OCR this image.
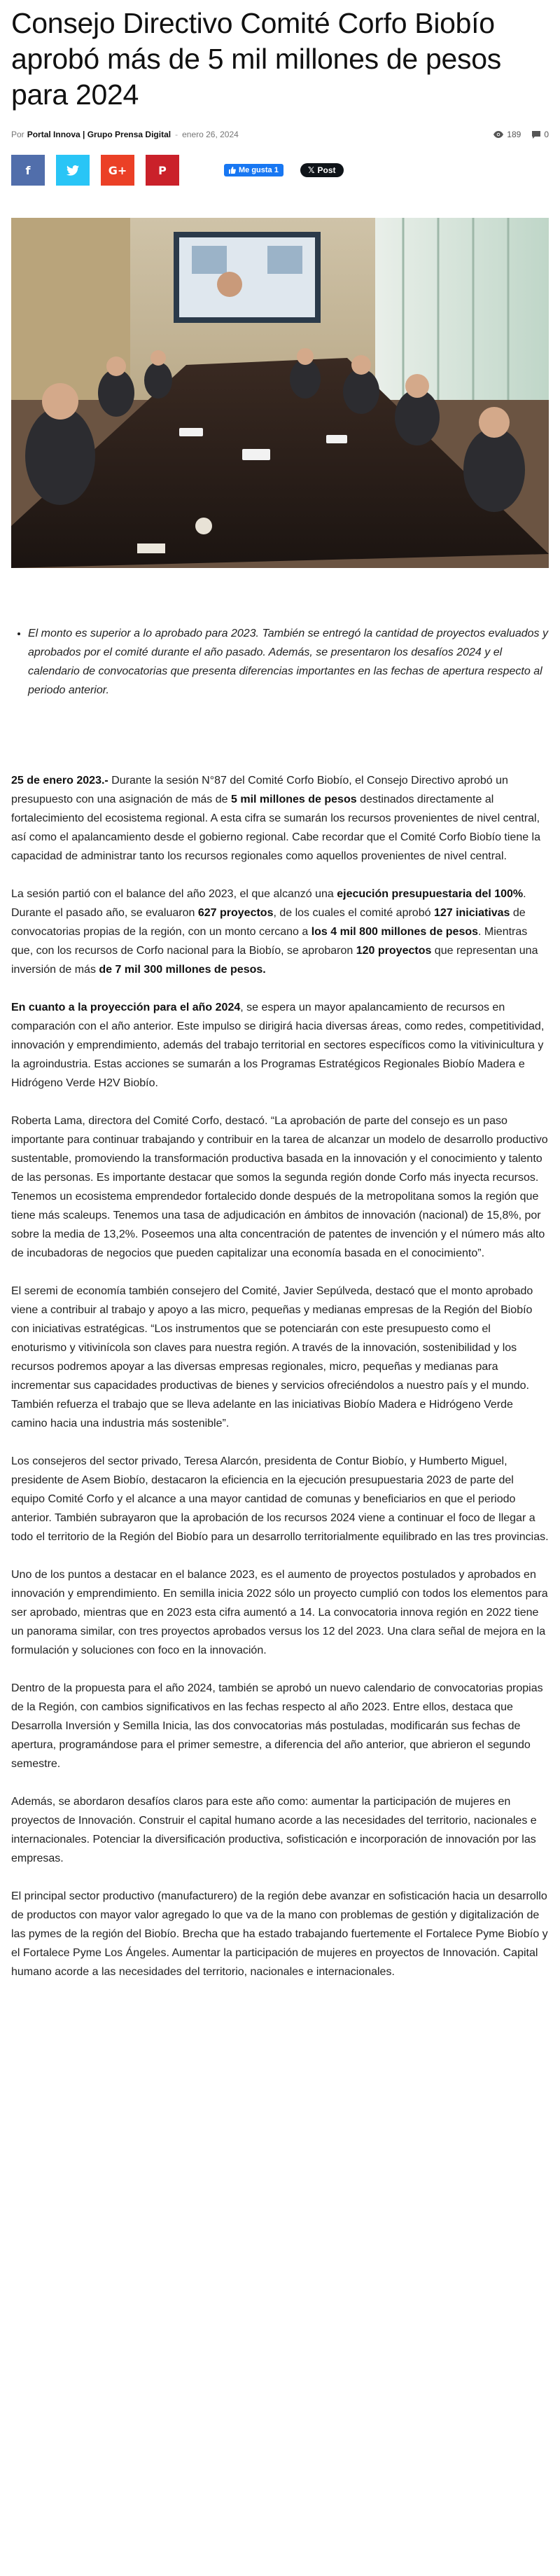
Consejo Directivo Comité Corfo Biobío aprobó más de 5 mil millones de pesos para 2024
Por Portal Innova | Grupo Prensa Digital - enero 26, 2024	189	0
f	G+	P	Me gusta 1	𝕏 Post
• El monto es superior a lo aprobado para 2023. También se entregó la cantidad de proyectos evaluados y aprobados por el comité durante el año pasado. Además, se presentaron los desafíos 2024 y el calendario de convocatorias que presenta diferencias importantes en las fechas de apertura respecto al periodo anterior.

25 de enero 2023.- Durante la sesión N°87 del Comité Corfo Biobío, el Consejo Directivo aprobó un presupuesto con una asignación de más de 5 mil millones de pesos destinados directamente al fortalecimiento del ecosistema regional. A esta cifra se sumarán los recursos provenientes de nivel central, así como el apalancamiento desde el gobierno regional. Cabe recordar que el Comité Corfo Biobío tiene la capacidad de administrar tanto los recursos regionales como aquellos provenientes de nivel central.

La sesión partió con el balance del año 2023, el que alcanzó una ejecución presupuestaria del 100%. Durante el pasado año, se evaluaron 627 proyectos, de los cuales el comité aprobó 127 iniciativas de convocatorias propias de la región, con un monto cercano a los 4 mil 800 millones de pesos. Mientras que, con los recursos de Corfo nacional para la Biobío, se aprobaron 120 proyectos que representan una inversión de más de 7 mil 300 millones de pesos.

En cuanto a la proyección para el año 2024, se espera un mayor apalancamiento de recursos en comparación con el año anterior. Este impulso se dirigirá hacia diversas áreas, como redes, competitividad, innovación y emprendimiento, además del trabajo territorial en sectores específicos como la vitivinicultura y la agroindustria. Estas acciones se sumarán a los Programas Estratégicos Regionales Biobío Madera e Hidrógeno Verde H2V Biobío.

Roberta Lama, directora del Comité Corfo, destacó. “La aprobación de parte del consejo es un paso importante para continuar trabajando y contribuir en la tarea de alcanzar un modelo de desarrollo productivo sustentable, promoviendo la transformación productiva basada en la innovación y el conocimiento y talento de las personas. Es importante destacar que somos la segunda región donde Corfo más inyecta recursos. Tenemos un ecosistema emprendedor fortalecido donde después de la metropolitana somos la región que tiene más scaleups. Tenemos una tasa de adjudicación en ámbitos de innovación (nacional) de 15,8%, por sobre la media de 13,2%. Poseemos una alta concentración de patentes de invención y el número más alto de incubadoras de negocios que pueden capitalizar una economía basada en el conocimiento”.

El seremi de economía también consejero del Comité, Javier Sepúlveda, destacó que el monto aprobado viene a contribuir al trabajo y apoyo a las micro, pequeñas y medianas empresas de la Región del Biobío con iniciativas estratégicas. “Los instrumentos que se potenciarán con este presupuesto como el enoturismo y vitivinícola son claves para nuestra región. A través de la innovación, sostenibilidad y los recursos podremos apoyar a las diversas empresas regionales, micro, pequeñas y medianas para incrementar sus capacidades productivas de bienes y servicios ofreciéndolos a nuestro país y el mundo. También refuerza el trabajo que se lleva adelante en las iniciativas Biobío Madera e Hidrógeno Verde camino hacia una industria más sostenible”.

Los consejeros del sector privado, Teresa Alarcón, presidenta de Contur Biobío, y Humberto Miguel, presidente de Asem Biobío, destacaron la eficiencia en la ejecución presupuestaria 2023 de parte del equipo Comité Corfo y el alcance a una mayor cantidad de comunas y beneficiarios en que el periodo anterior. También subrayaron que la aprobación de los recursos 2024 viene a continuar el foco de llegar a todo el territorio de la Región del Biobío para un desarrollo territorialmente equilibrado en las tres provincias.

Uno de los puntos a destacar en el balance 2023, es el aumento de proyectos postulados y aprobados en innovación y emprendimiento. En semilla inicia 2022 sólo un proyecto cumplió con todos los elementos para ser aprobado, mientras que en 2023 esta cifra aumentó a 14. La convocatoria innova región en 2022 tiene un panorama similar, con tres proyectos aprobados versus los 12 del 2023. Una clara señal de mejora en la formulación y soluciones con foco en la innovación.

Dentro de la propuesta para el año 2024, también se aprobó un nuevo calendario de convocatorias propias de la Región, con cambios significativos en las fechas respecto al año 2023. Entre ellos, destaca que Desarrolla Inversión y Semilla Inicia, las dos convocatorias más postuladas, modificarán sus fechas de apertura, programándose para el primer semestre, a diferencia del año anterior, que abrieron el segundo semestre.

Además, se abordaron desafíos claros para este año como: aumentar la participación de mujeres en proyectos de Innovación. Construir el capital humano acorde a las necesidades del territorio, nacionales e internacionales. Potenciar la diversificación productiva, sofisticación e incorporación de innovación por las empresas.

El principal sector productivo (manufacturero) de la región debe avanzar en sofisticación hacia un desarrollo de productos con mayor valor agregado lo que va de la mano con problemas de gestión y digitalización de las pymes de la región del Biobío. Brecha que ha estado trabajando fuertemente el Fortalece Pyme Biobío y el Fortalece Pyme Los Ángeles. Aumentar la participación de mujeres en proyectos de Innovación. Capital humano acorde a las necesidades del territorio, nacionales e internacionales.
